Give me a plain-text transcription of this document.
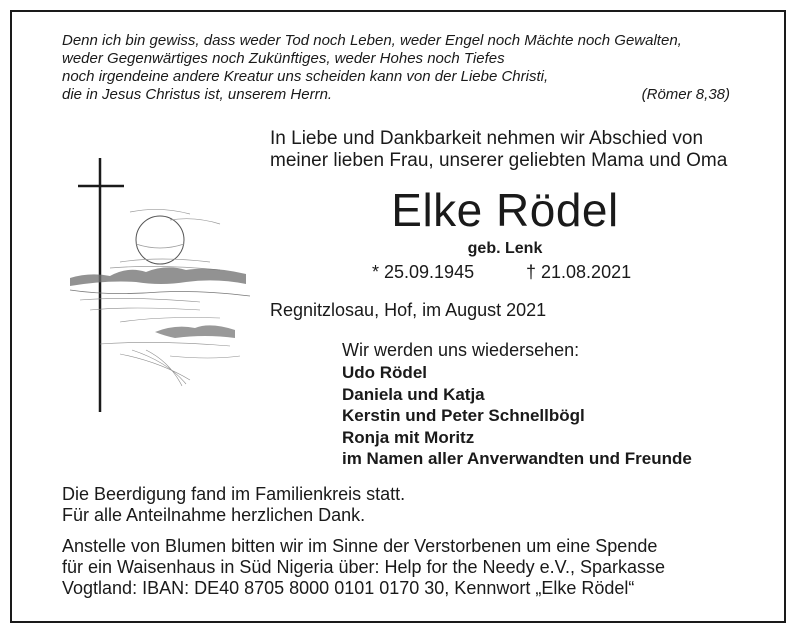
Denn ich bin gewiss, dass weder Tod noch Leben, weder Engel noch Mächte noch Gewalten,
weder Gegenwärtiges noch Zukünftiges, weder Hohes noch Tiefes
noch irgendeine andere Kreatur uns scheiden kann von der Liebe Christi,
die in Jesus Christus ist, unserem Herrn.	(Römer 8,38)
In Liebe und Dankbarkeit nehmen wir Abschied von
meiner lieben Frau, unserer geliebten Mama und Oma
Elke Rödel
geb. Lenk
* 25.09.1945	† 21.08.2021
Regnitzlosau, Hof, im August 2021
Wir werden uns wiedersehen:
Udo Rödel
Daniela und Katja
Kerstin und Peter Schnellbögl
Ronja mit Moritz
im Namen aller Anverwandten und Freunde
Die Beerdigung fand im Familienkreis statt.
Für alle Anteilnahme herzlichen Dank.
Anstelle von Blumen bitten wir im Sinne der Verstorbenen um eine Spende
für ein Waisenhaus in Süd Nigeria über: Help for the Needy e.V., Sparkasse
Vogtland: IBAN: DE40 8705 8000 0101 0170 30, Kennwort „Elke Rödel“
